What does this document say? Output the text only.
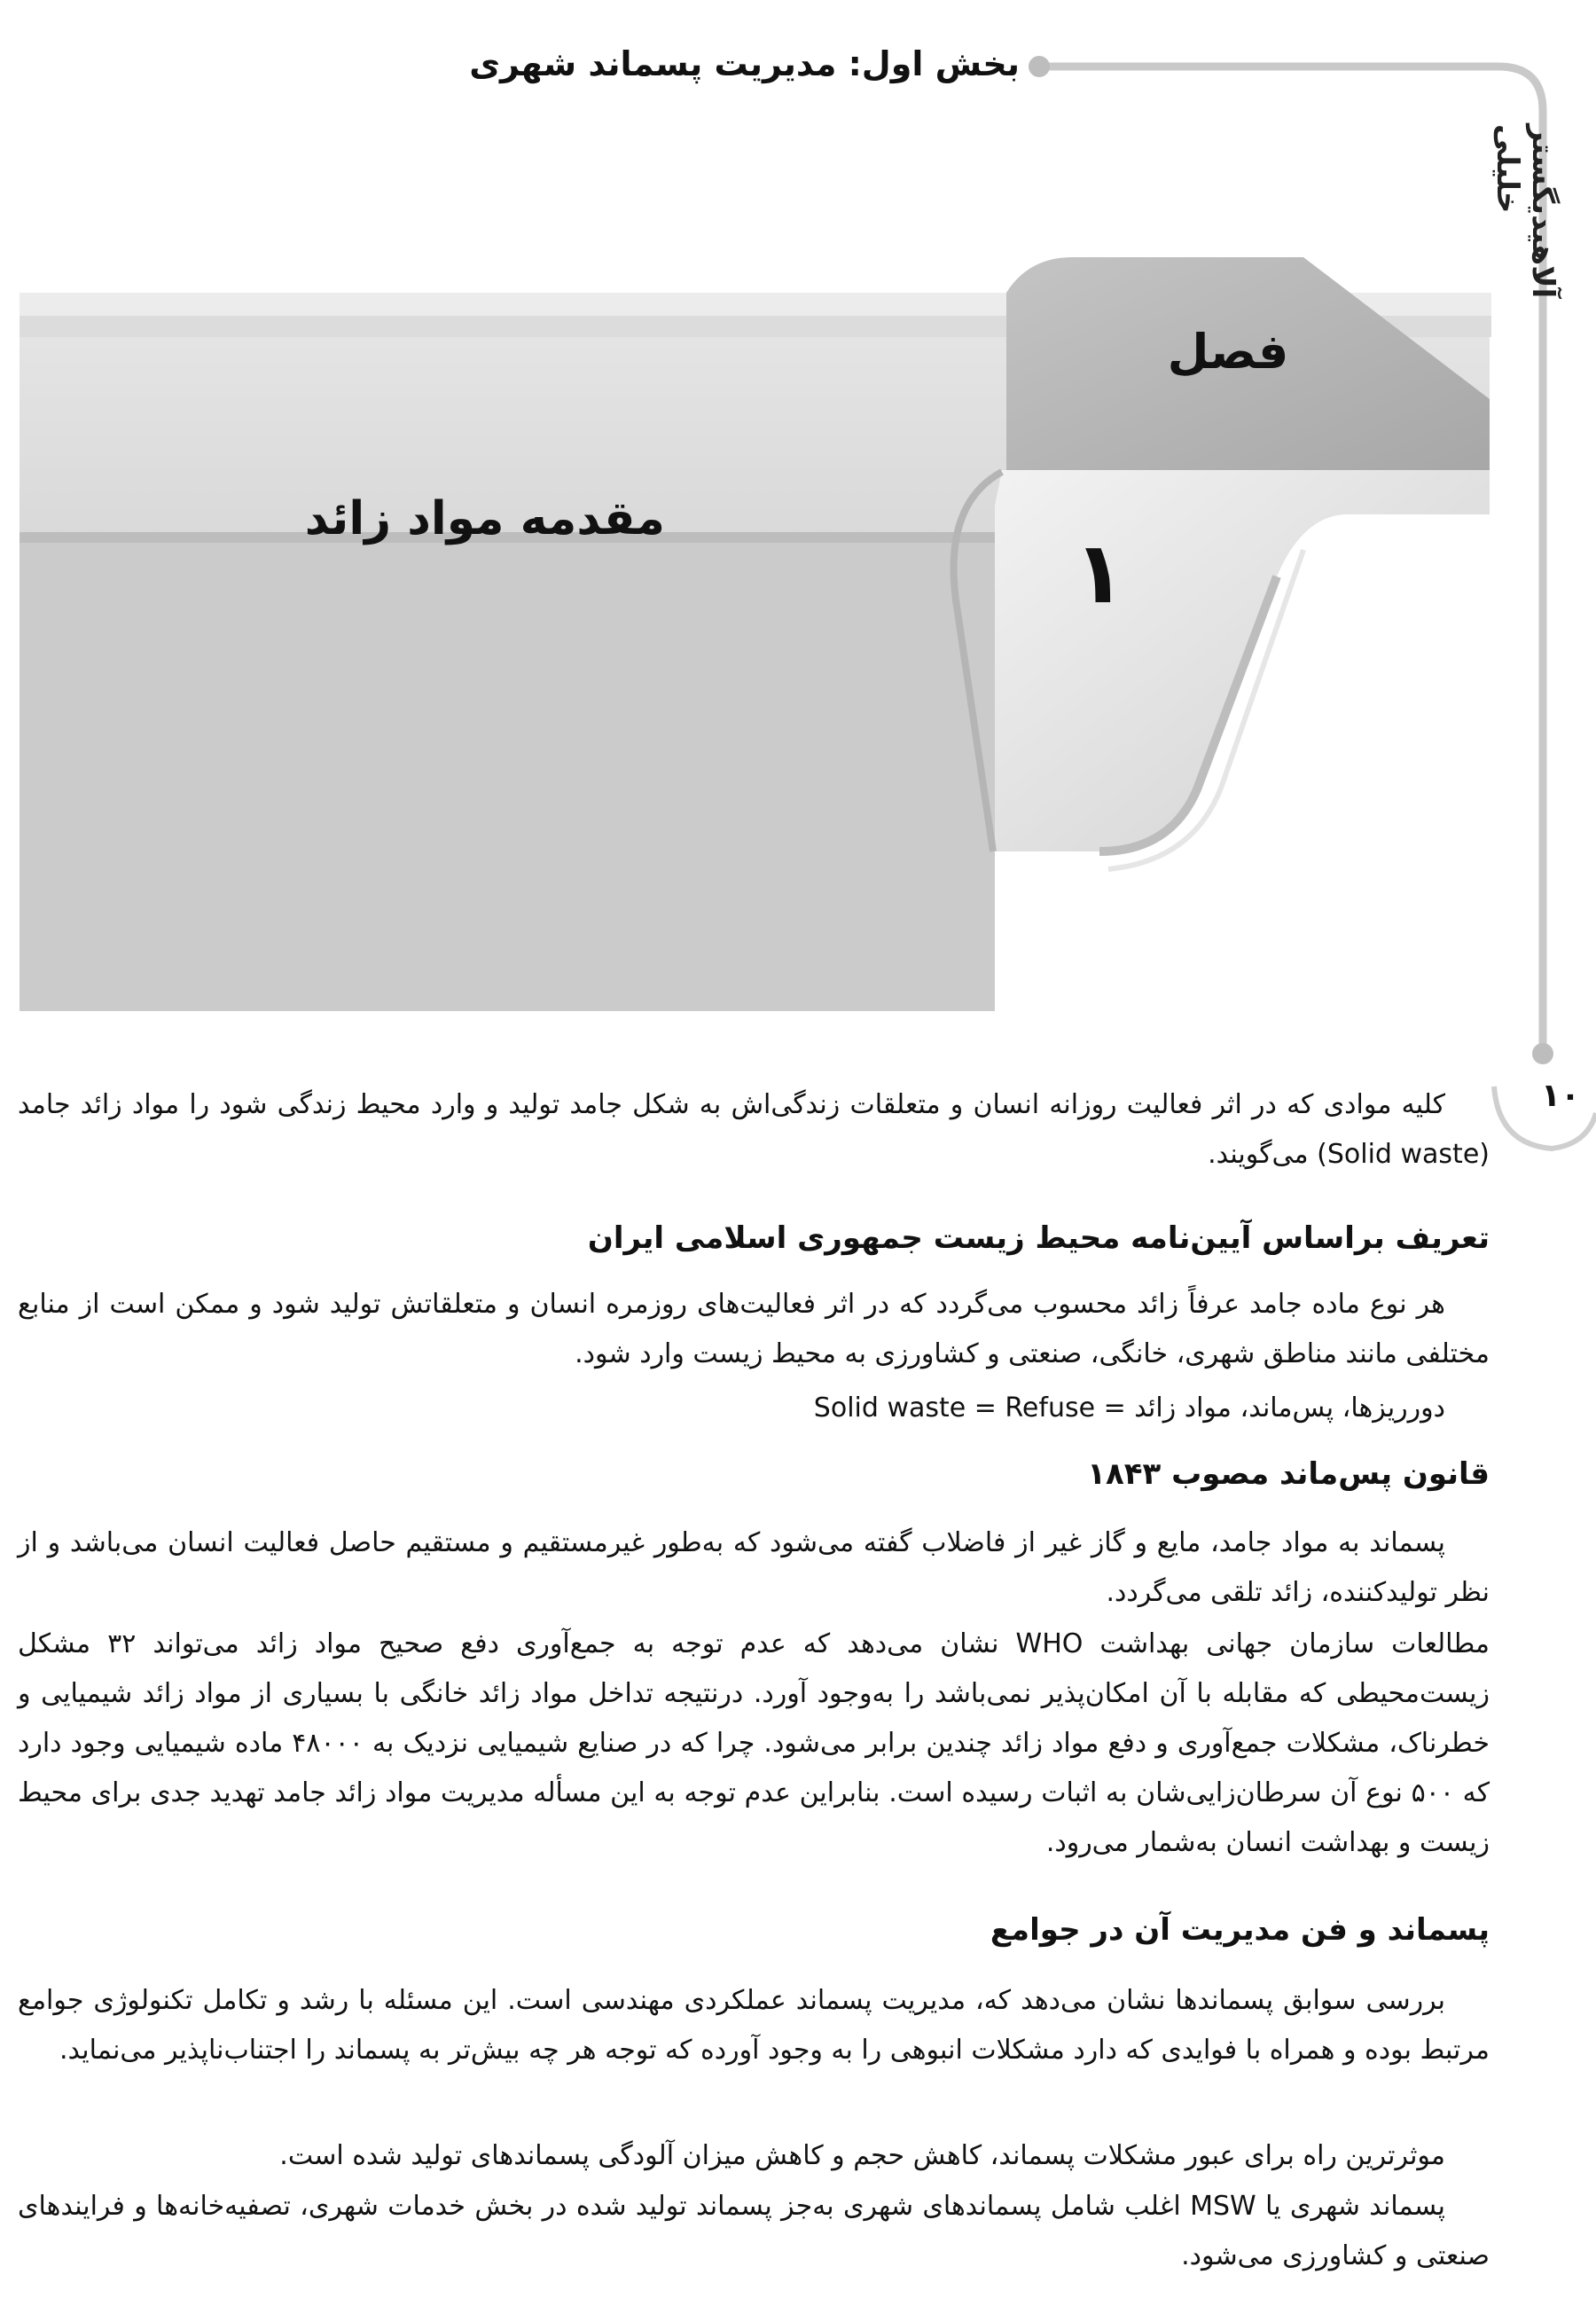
فصل
۱
مقدمه مواد زائد
بخش اول: مدیریت پسماند شهری
آلاهیدیگستر خلیلی
۱۰

کلیه موادی که در اثر فعالیت روزانه انسان و متعلقات زندگی‌اش به شکل جامد تولید و وارد محیط زندگی شود را مواد زائد جامد (Solid waste) می‌گویند.

تعریف براساس آیین‌نامه محیط زیست جمهوری اسلامی ایران

هر نوع ماده جامد عرفاً زائد محسوب می‌گردد که در اثر فعالیت‌های روزمره انسان و متعلقاتش تولید شود و ممکن است از منابع مختلفی مانند مناطق شهری، خانگی، صنعتی و کشاورزی به محیط زیست وارد شود.

دورریزها، پس‌ماند، مواد زائد = Solid waste = Refuse
قانون پس‌ماند مصوب ۱۸۴۳

پسماند به مواد جامد، مایع و گاز غیر از فاضلاب گفته می‌شود که به‌طور غیرمستقیم و مستقیم حاصل فعالیت انسان می‌باشد و از نظر تولیدکننده، زائد تلقی می‌گردد.

مطالعات سازمان جهانی بهداشت WHO نشان می‌دهد که عدم توجه به جمع‌آوری دفع صحیح مواد زائد می‌تواند ۳۲ مشکل زیست‌محیطی که مقابله با آن امکان‌پذیر نمی‌باشد را به‌وجود آورد. درنتیجه تداخل مواد زائد خانگی با بسیاری از مواد زائد شیمیایی و خطرناک، مشکلات جمع‌آوری و دفع مواد زائد چندین برابر می‌شود. چرا که در صنایع شیمیایی نزدیک به ۴۸۰۰۰ ماده شیمیایی وجود دارد که ۵۰۰ نوع آن سرطان‌زایی‌شان به اثبات رسیده است. بنابراین عدم توجه به این مسأله مدیریت مواد زائد جامد تهدید جدی برای محیط زیست و بهداشت انسان به‌شمار می‌رود.

پسماند و فن مدیریت آن در جوامع

بررسی سوابق پسماندها نشان می‌دهد که، مدیریت پسماند عملکردی مهندسی است. این مسئله با رشد و تکامل تکنولوژی جوامع مرتبط بوده و همراه با فوایدی که دارد مشکلات انبوهی را به وجود آورده که توجه هر چه بیش‌تر به پسماند را اجتناب‌ناپذیر می‌نماید.

موثرترین راه برای عبور مشکلات پسماند، کاهش حجم و کاهش میزان آلودگی پسماندهای تولید شده است.

پسماند شهری یا MSW اغلب شامل پسماندهای شهری به‌جز پسماند تولید شده در بخش خدمات شهری، تصفیه‌خانه‌ها و فرایندهای صنعتی و کشاورزی می‌شود.
